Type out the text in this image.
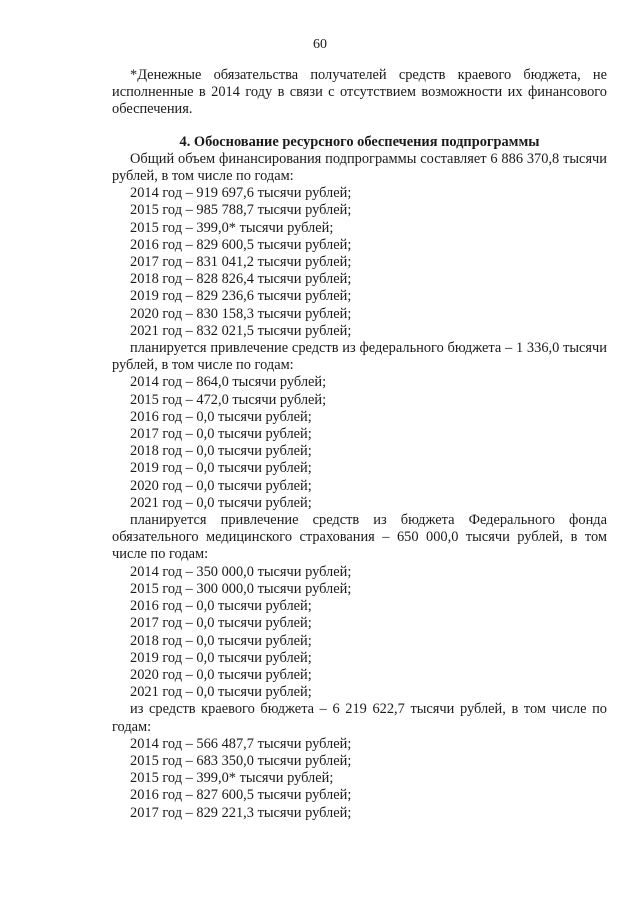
60

*Денежные обязательства получателей средств краевого бюджета, не исполненные в 2014 году в связи с отсутствием возможности их финансового обеспечения.

4. Обоснование ресурсного обеспечения подпрограммы

Общий объем финансирования подпрограммы составляет 6 886 370,8 тысячи рублей, в том числе по годам:

2014 год – 919 697,6 тысячи рублей;
2015 год – 985 788,7 тысячи рублей;
2015 год – 399,0* тысячи рублей;
2016 год – 829 600,5 тысячи рублей;
2017 год – 831 041,2 тысячи рублей;
2018 год – 828 826,4 тысячи рублей;
2019 год – 829 236,6 тысячи рублей;
2020 год – 830 158,3 тысячи рублей;
2021 год – 832 021,5 тысячи рублей;

планируется привлечение средств из федерального бюджета – 1 336,0 тысячи рублей, в том числе по годам:

2014 год – 864,0 тысячи рублей;
2015 год – 472,0 тысячи рублей;
2016 год – 0,0 тысячи рублей;
2017 год – 0,0 тысячи рублей;
2018 год – 0,0 тысячи рублей;
2019 год – 0,0 тысячи рублей;
2020 год – 0,0 тысячи рублей;
2021 год – 0,0 тысячи рублей;

планируется привлечение средств из бюджета Федерального фонда обязательного медицинского страхования – 650 000,0 тысячи рублей, в том числе по годам:

2014 год – 350 000,0 тысячи рублей;
2015 год – 300 000,0 тысячи рублей;
2016 год – 0,0 тысячи рублей;
2017 год – 0,0 тысячи рублей;
2018 год – 0,0 тысячи рублей;
2019 год – 0,0 тысячи рублей;
2020 год – 0,0 тысячи рублей;
2021 год – 0,0 тысячи рублей;

из средств краевого бюджета – 6 219 622,7 тысячи рублей, в том числе по годам:

2014 год – 566 487,7 тысячи рублей;
2015 год – 683 350,0 тысячи рублей;
2015 год – 399,0* тысячи рублей;
2016 год – 827 600,5 тысячи рублей;
2017 год – 829 221,3 тысячи рублей;
